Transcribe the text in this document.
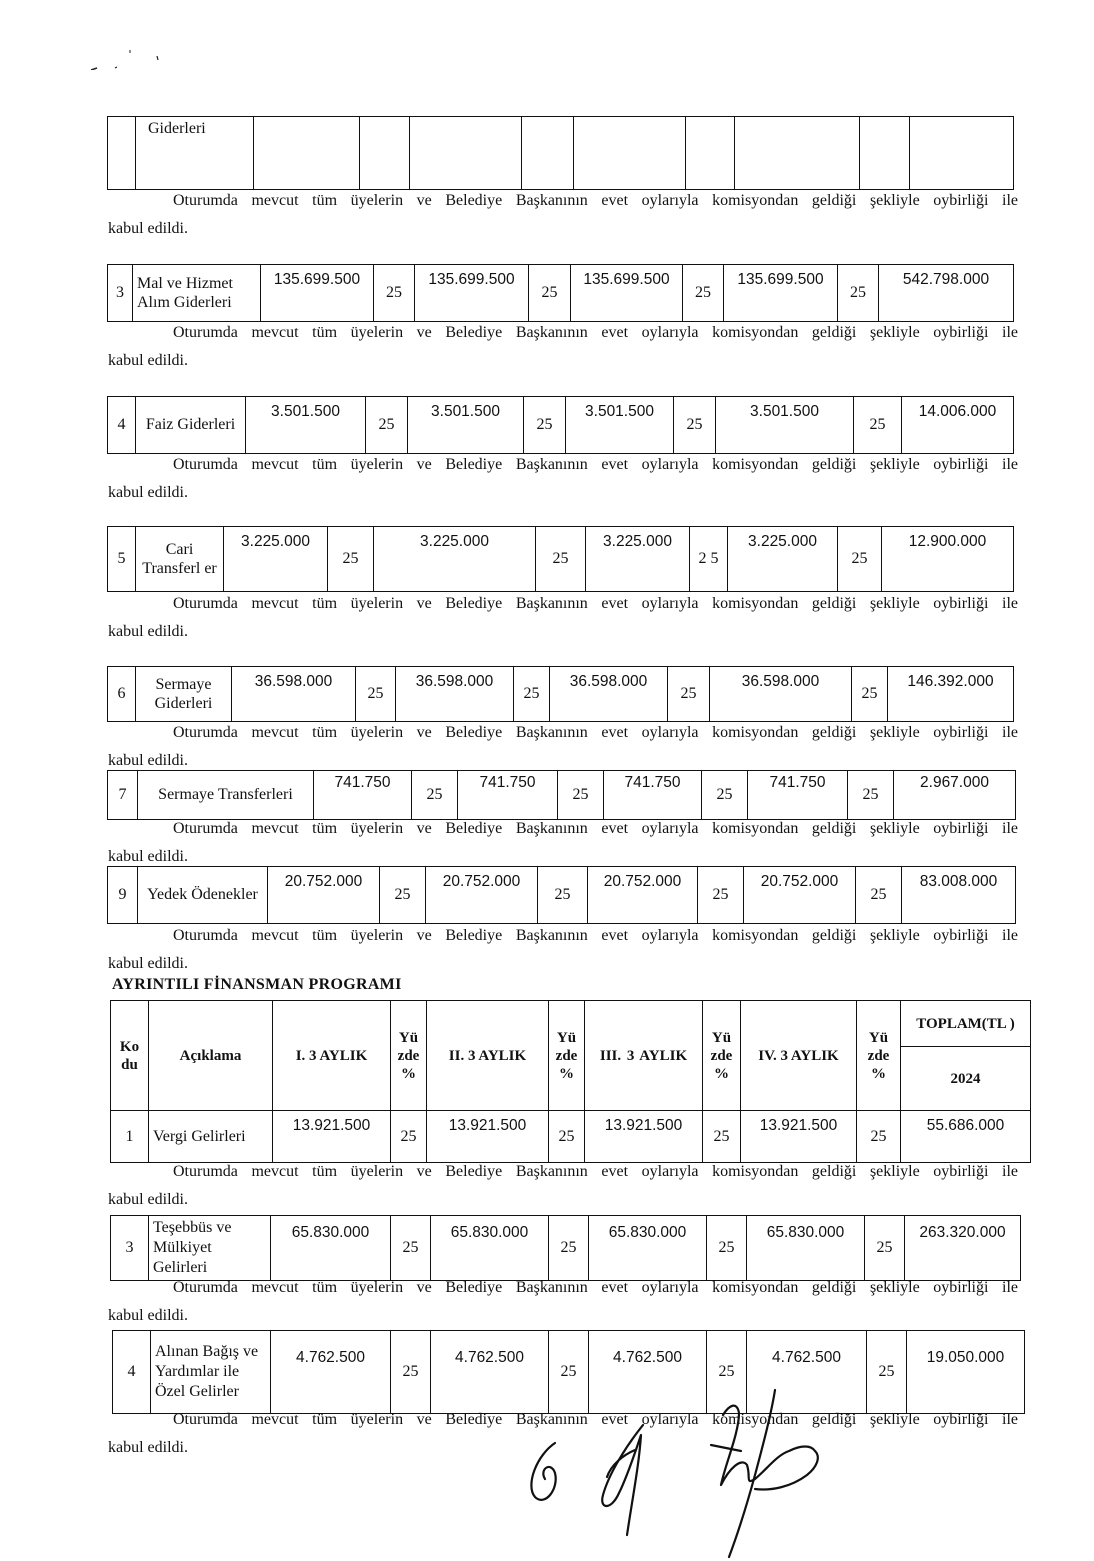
	Giderleri									
Oturumda mevcut tüm üyelerin ve Belediye Başkanının evet oylarıyla komisyondan geldiği şekliyle oybirliği ile
kabul edildi.
3	Mal ve Hizmet Alım Giderleri	135.699.500	25	135.699.500	25	135.699.500	25	135.699.500	25	542.798.000
Oturumda mevcut tüm üyelerin ve Belediye Başkanının evet oylarıyla komisyondan geldiği şekliyle oybirliği ile
kabul edildi.
4	Faiz Giderleri	3.501.500	25	3.501.500	25	3.501.500	25	3.501.500	25	14.006.000
Oturumda mevcut tüm üyelerin ve Belediye Başkanının evet oylarıyla komisyondan geldiği şekliyle oybirliği ile
kabul edildi.
5	Cari Transferl er	3.225.000	25	3.225.000	25	3.225.000	2 5	3.225.000	25	12.900.000
Oturumda mevcut tüm üyelerin ve Belediye Başkanının evet oylarıyla komisyondan geldiği şekliyle oybirliği ile
kabul edildi.
6	Sermaye Giderleri	36.598.000	25	36.598.000	25	36.598.000	25	36.598.000	25	146.392.000
Oturumda mevcut tüm üyelerin ve Belediye Başkanının evet oylarıyla komisyondan geldiği şekliyle oybirliği ile
kabul edildi.
7	Sermaye Transferleri	741.750	25	741.750	25	741.750	25	741.750	25	2.967.000
Oturumda mevcut tüm üyelerin ve Belediye Başkanının evet oylarıyla komisyondan geldiği şekliyle oybirliği ile
kabul edildi.
9	Yedek Ödenekler	20.752.000	25	20.752.000	25	20.752.000	25	20.752.000	25	83.008.000
Oturumda mevcut tüm üyelerin ve Belediye Başkanının evet oylarıyla komisyondan geldiği şekliyle oybirliği ile
kabul edildi.
AYRINTILI FİNANSMAN PROGRAMI
Ko du	Açıklama	I. 3 AYLIK	Yü zde %	II. 3 AYLIK	Yü zde %	III. 3 AYLIK	Yü zde %	IV. 3 AYLIK	Yü zde %	TOPLAM(TL )
										2024
1	Vergi Gelirleri	13.921.500	25	13.921.500	25	13.921.500	25	13.921.500	25	55.686.000
Oturumda mevcut tüm üyelerin ve Belediye Başkanının evet oylarıyla komisyondan geldiği şekliyle oybirliği ile
kabul edildi.
3	Teşebbüs ve Mülkiyet Gelirleri	65.830.000	25	65.830.000	25	65.830.000	25	65.830.000	25	263.320.000
Oturumda mevcut tüm üyelerin ve Belediye Başkanının evet oylarıyla komisyondan geldiği şekliyle oybirliği ile
kabul edildi.
4	Alınan Bağış ve Yardımlar ile Özel Gelirler	4.762.500	25	4.762.500	25	4.762.500	25	4.762.500	25	19.050.000
Oturumda mevcut tüm üyelerin ve Belediye Başkanının evet oylarıyla komisyondan geldiği şekliyle oybirliği ile
kabul edildi.
